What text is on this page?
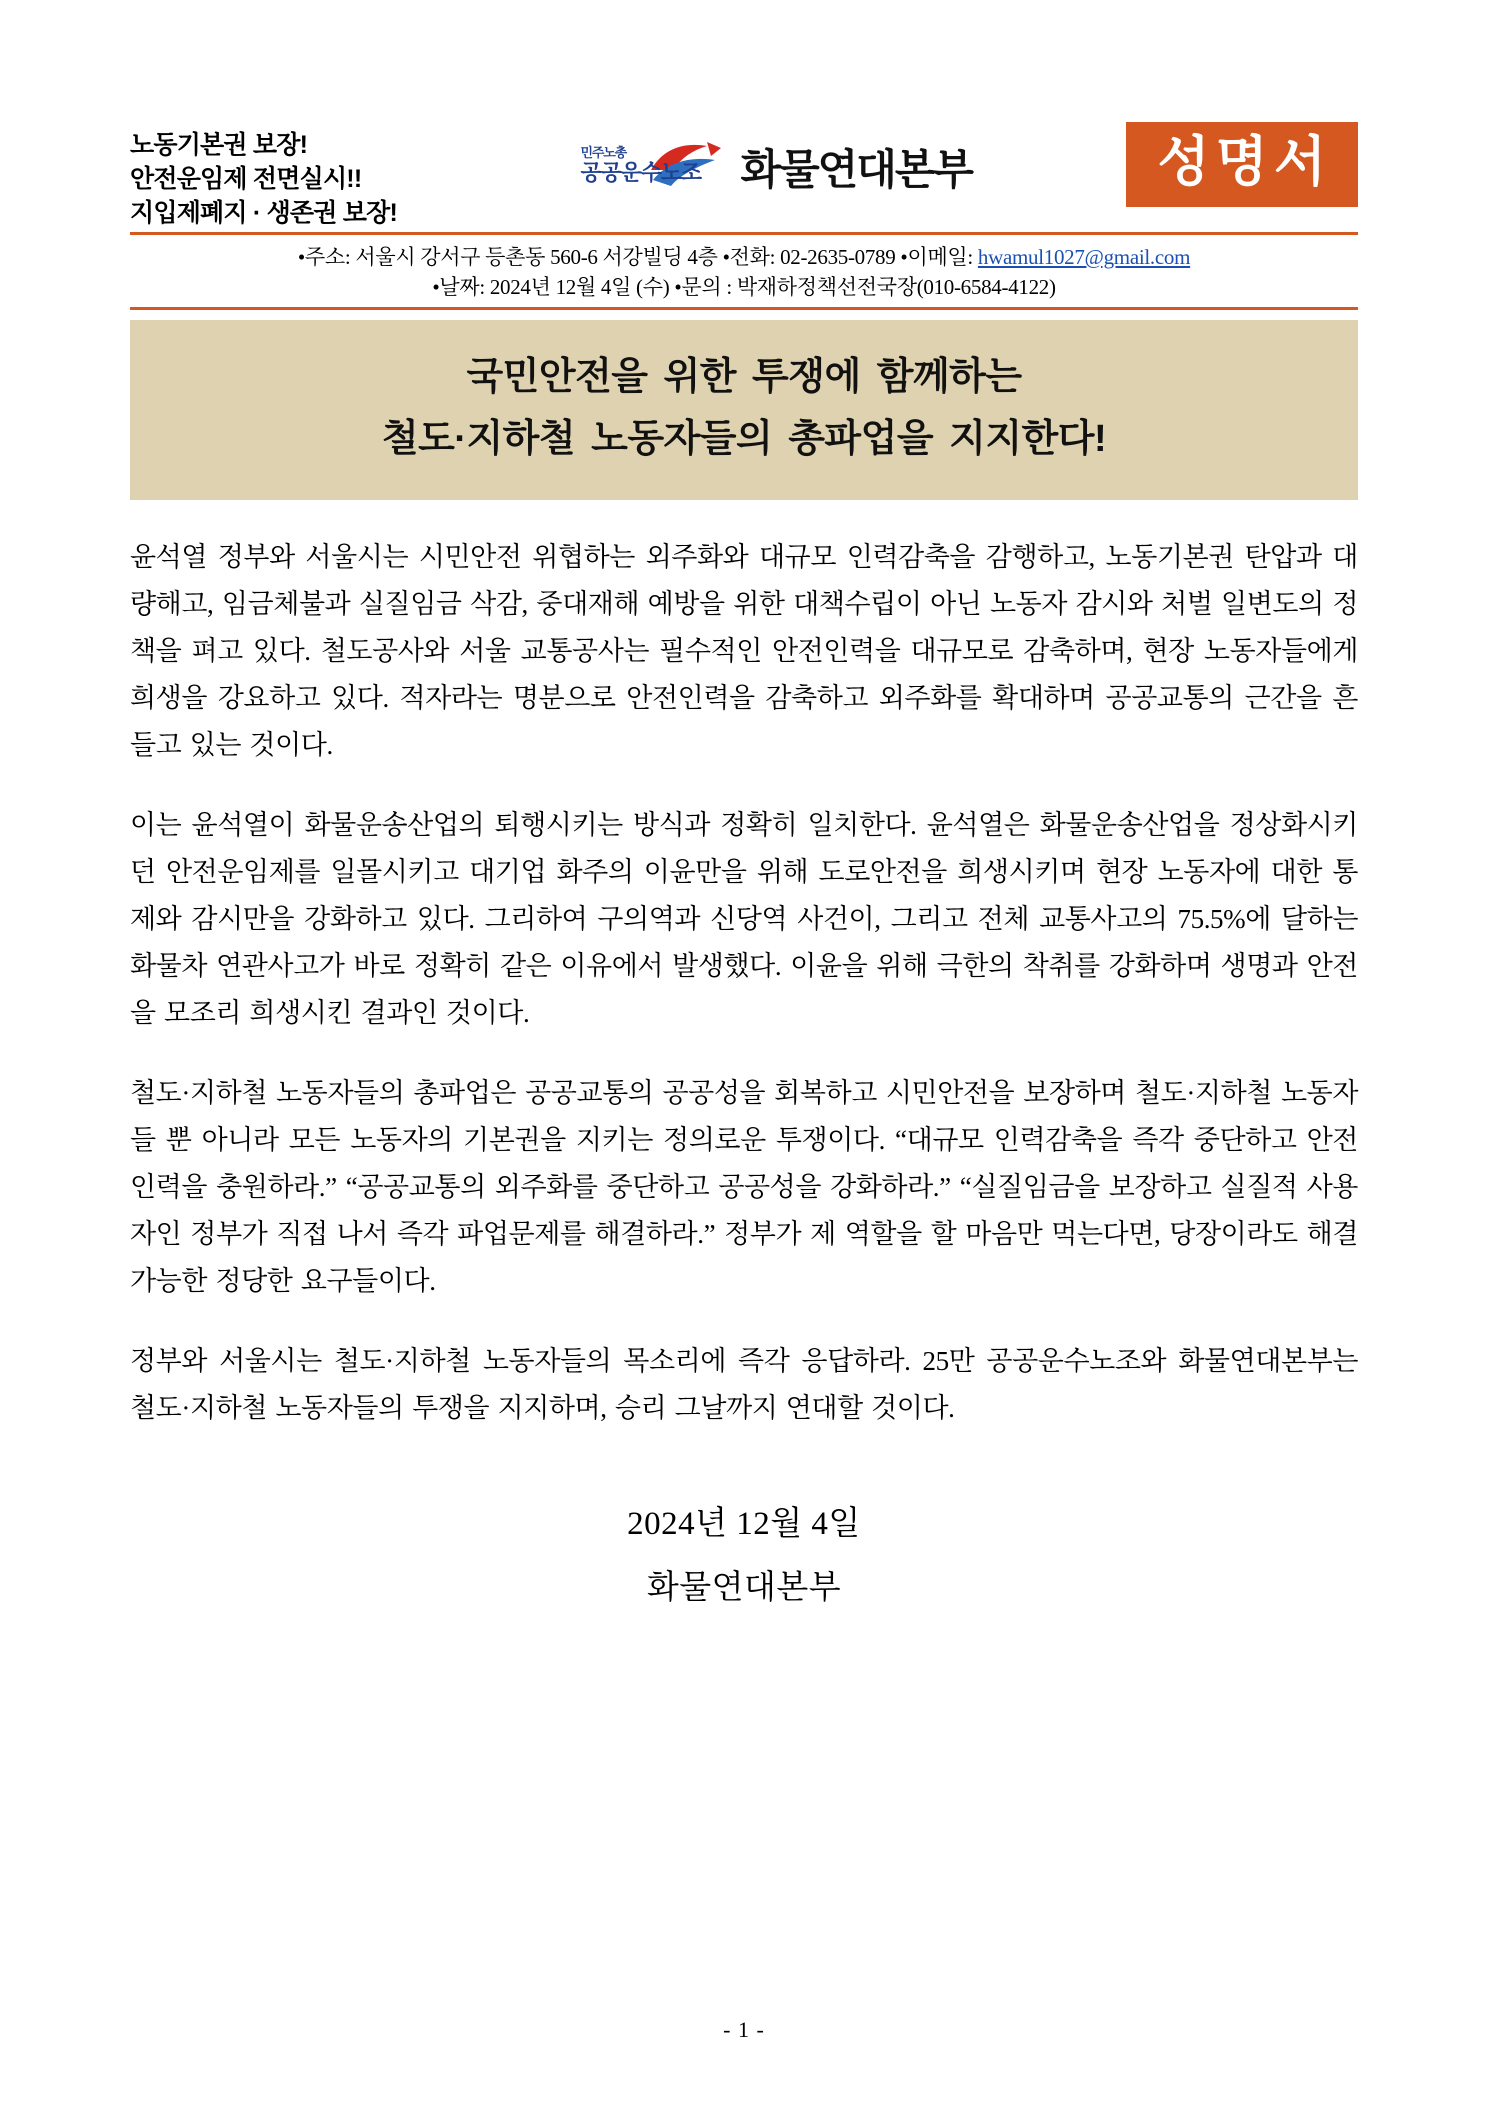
노동기본권 보장!
안전운임제 전면실시!!
지입제폐지 · 생존권 보장!
민주노총
공공운수노조 화물연대본부	성명서
•주소: 서울시 강서구 등촌동 560-6 서강빌딩 4층 •전화: 02-2635-0789 •이메일: hwamul1027@gmail.com
•날짜: 2024년 12월 4일 (수) •문의 : 박재하정책선전국장(010-6584-4122)
국민안전을 위한 투쟁에 함께하는
철도·지하철 노동자들의 총파업을 지지한다!

윤석열 정부와 서울시는 시민안전 위협하는 외주화와 대규모 인력감축을 감행하고, 노동기본권 탄압과 대량해고, 임금체불과 실질임금 삭감, 중대재해 예방을 위한 대책수립이 아닌 노동자 감시와 처벌 일변도의 정책을 펴고 있다. 철도공사와 서울 교통공사는 필수적인 안전인력을 대규모로 감축하며, 현장 노동자들에게 희생을 강요하고 있다. 적자라는 명분으로 안전인력을 감축하고 외주화를 확대하며 공공교통의 근간을 흔들고 있는 것이다.

이는 윤석열이 화물운송산업의 퇴행시키는 방식과 정확히 일치한다. 윤석열은 화물운송산업을 정상화시키던 안전운임제를 일몰시키고 대기업 화주의 이윤만을 위해 도로안전을 희생시키며 현장 노동자에 대한 통제와 감시만을 강화하고 있다. 그리하여 구의역과 신당역 사건이, 그리고 전체 교통사고의 75.5%에 달하는 화물차 연관사고가 바로 정확히 같은 이유에서 발생했다. 이윤을 위해 극한의 착취를 강화하며 생명과 안전을 모조리 희생시킨 결과인 것이다.

철도·지하철 노동자들의 총파업은 공공교통의 공공성을 회복하고 시민안전을 보장하며 철도·지하철 노동자들 뿐 아니라 모든 노동자의 기본권을 지키는 정의로운 투쟁이다. “대규모 인력감축을 즉각 중단하고 안전인력을 충원하라.” “공공교통의 외주화를 중단하고 공공성을 강화하라.” “실질임금을 보장하고 실질적 사용자인 정부가 직접 나서 즉각 파업문제를 해결하라.” 정부가 제 역할을 할 마음만 먹는다면, 당장이라도 해결 가능한 정당한 요구들이다.

정부와 서울시는 철도·지하철 노동자들의 목소리에 즉각 응답하라. 25만 공공운수노조와 화물연대본부는 철도·지하철 노동자들의 투쟁을 지지하며, 승리 그날까지 연대할 것이다.

2024년 12월 4일
화물연대본부
- 1 -
